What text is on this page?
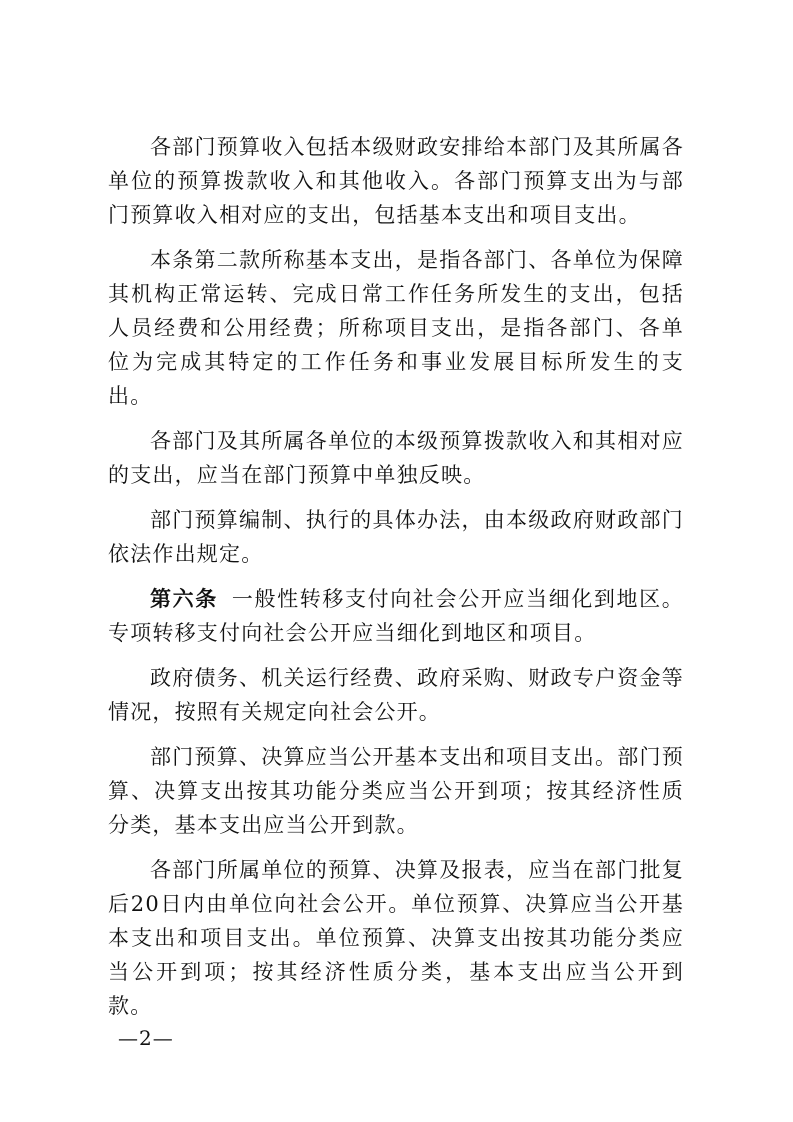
各部门预算收入包括本级财政安排给本部门及其所属各单位的预算拨款收入和其他收入。各部门预算支出为与部门预算收入相对应的支出，包括基本支出和项目支出。

本条第二款所称基本支出，是指各部门、各单位为保障其机构正常运转、完成日常工作任务所发生的支出，包括人员经费和公用经费；所称项目支出，是指各部门、各单位为完成其特定的工作任务和事业发展目标所发生的支出。

各部门及其所属各单位的本级预算拨款收入和其相对应的支出，应当在部门预算中单独反映。

部门预算编制、执行的具体办法，由本级政府财政部门依法作出规定。

第六条 一般性转移支付向社会公开应当细化到地区。专项转移支付向社会公开应当细化到地区和项目。

政府债务、机关运行经费、政府采购、财政专户资金等情况，按照有关规定向社会公开。

部门预算、决算应当公开基本支出和项目支出。部门预算、决算支出按其功能分类应当公开到项；按其经济性质分类，基本支出应当公开到款。

各部门所属单位的预算、决算及报表，应当在部门批复后20日内由单位向社会公开。单位预算、决算应当公开基本支出和项目支出。单位预算、决算支出按其功能分类应当公开到项；按其经济性质分类，基本支出应当公开到款。

—2—
